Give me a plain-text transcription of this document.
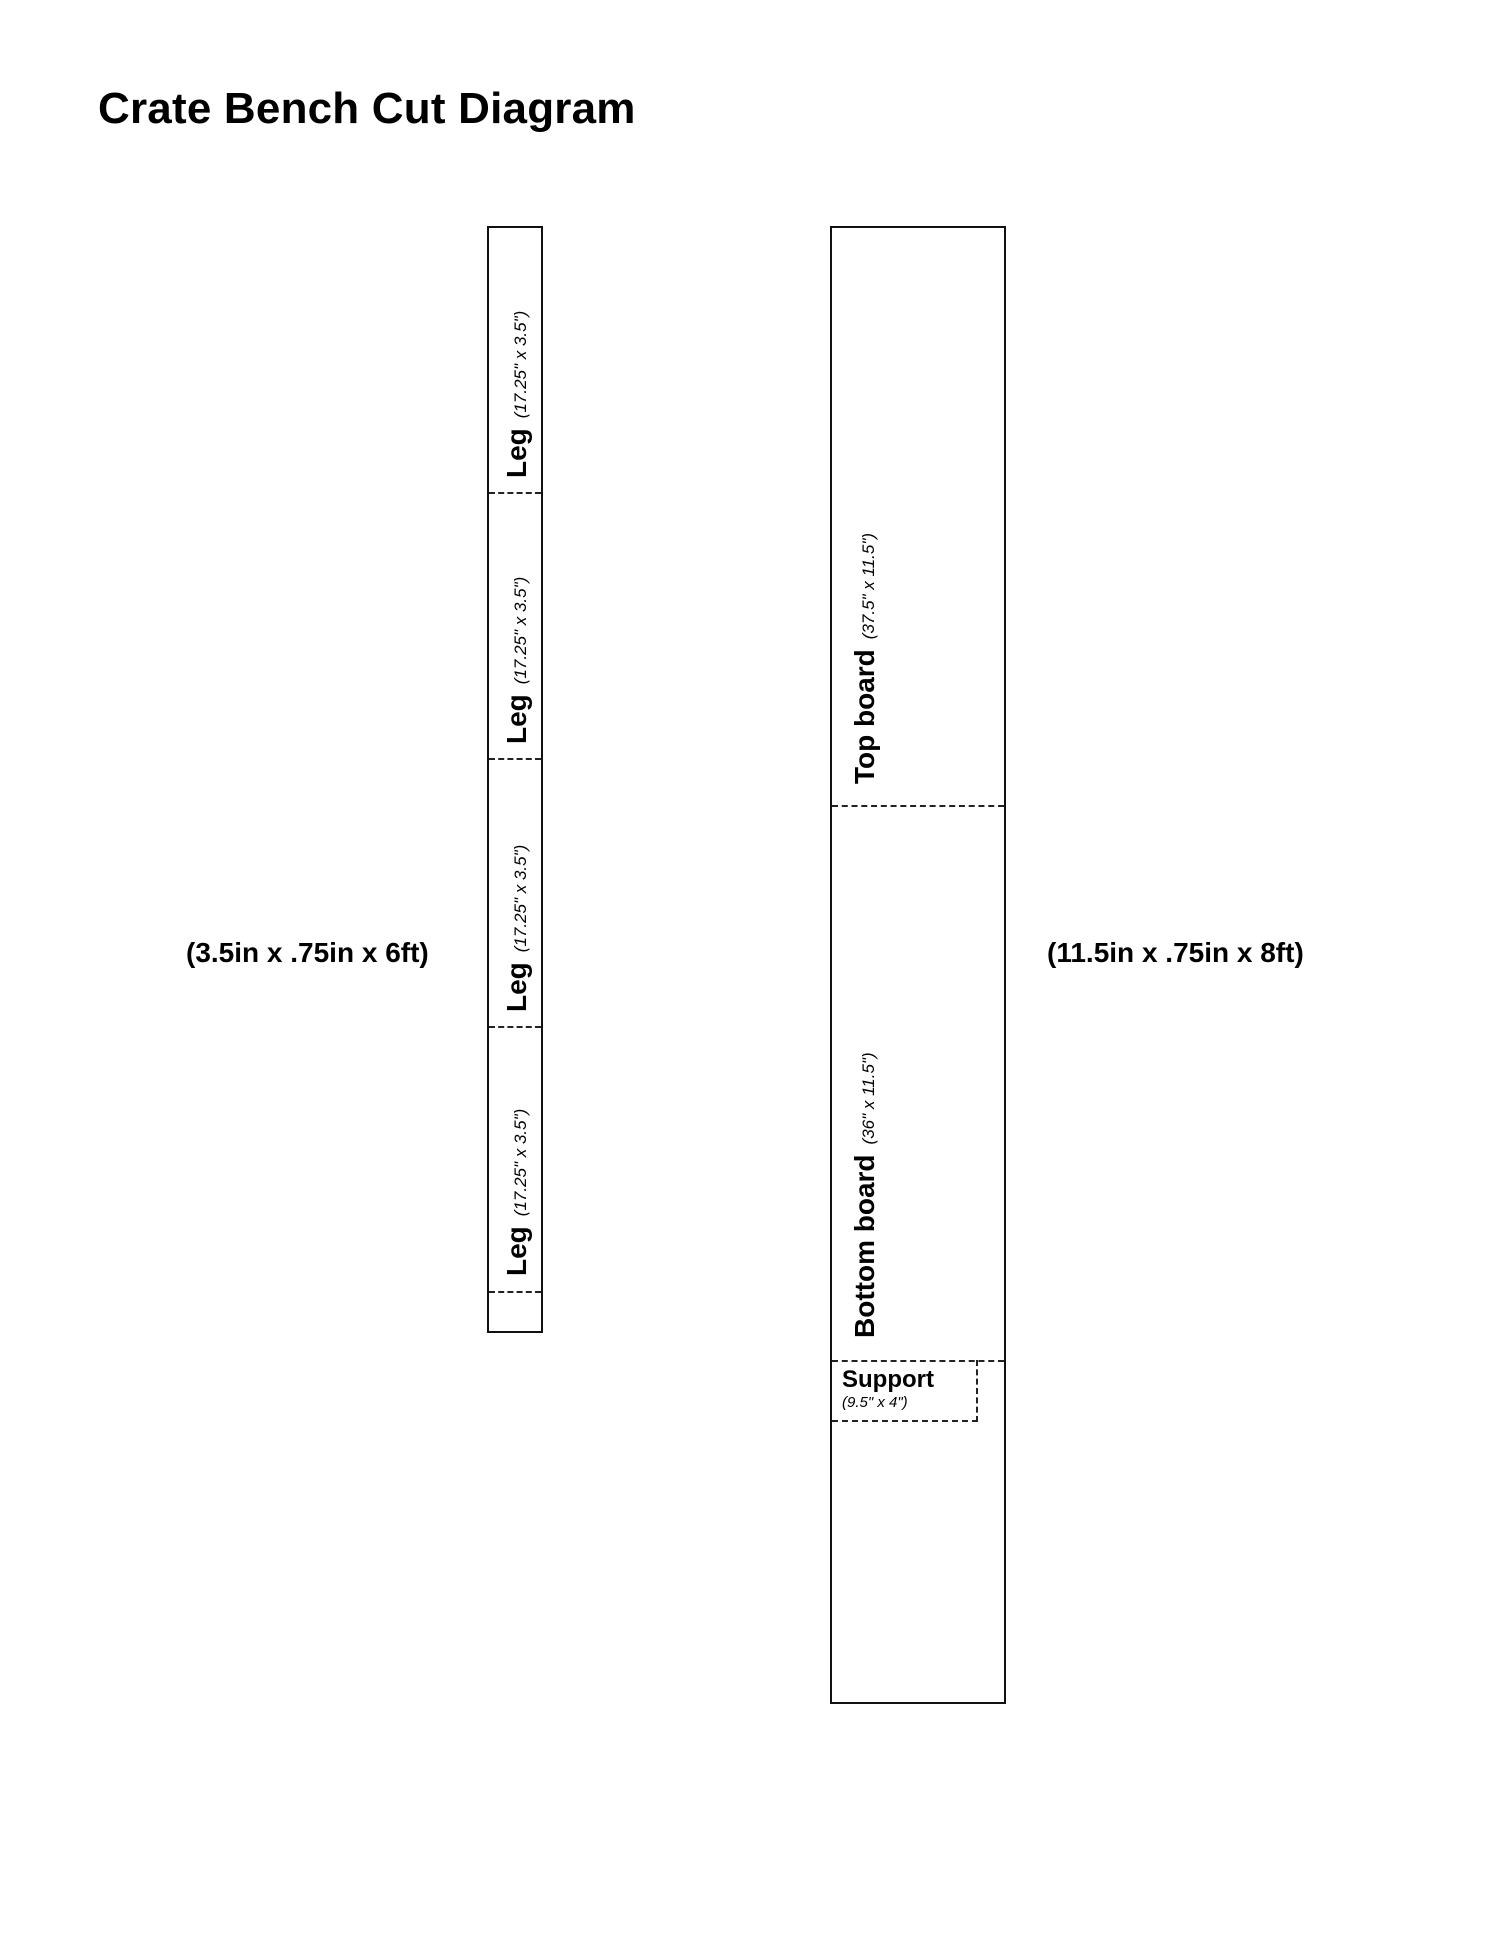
Crate Bench Cut Diagram
(3.5in x .75in x 6ft)	(11.5in x .75in x 8ft)
Leg(17.25" x 3.5")
Leg(17.25" x 3.5")
Leg(17.25" x 3.5")
Leg(17.25" x 3.5")
Top board(37.5" x 11.5")
Bottom board(36" x 11.5")
Support
(9.5" x 4")
